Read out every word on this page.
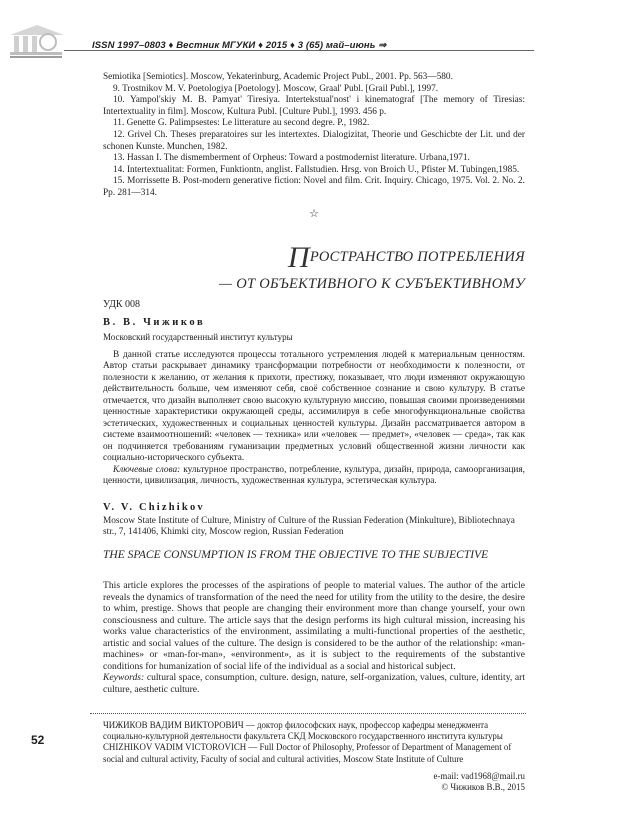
ISSN 1997–0803 ♦ Вестник МГУКИ ♦ 2015 ♦ 3 (65) май–июнь ⇒

Semiotika [Semiotics]. Moscow, Yekaterinburg, Academic Project Publ., 2001. Pp. 563—580.

9. Trostnikov M. V. Poetologiya [Poetology]. Moscow, Graal' Publ. [Grail Publ.], 1997.

10. Yampol'skiy M. B. Pamyat' Tiresiya. Intertekstual'nost' i kinematograf [The memory of Tiresias: Intertextuality in film]. Moscow, Kultura Publ. [Culture Publ.], 1993. 456 p.

11. Genette G. Palimpsestes: Le litterature au second degre. P., 1982.

12. Grivel Ch. Theses preparatoires sur les intertextes. Dialogizitat, Theorie und Geschicbte der Lit. und der schonen Kunste. Munchen, 1982.

13. Hassan I. The dismemberment of Orpheus: Toward a postmodernist literature. Urbana,1971.

14. Intertextualitat: Formen, Funktiontn, anglist. Fallstudien. Hrsg. von Broich U., Pfister M. Tubingen,1985.

15. Morrissette B. Post-modern generative fiction: Novel and film. Crit. Inquiry. Chicago, 1975. Vol. 2. No. 2. Pp. 281—314.

☆
ПРОСТРАНСТВО ПОТРЕБЛЕНИЯ
— ОТ ОБЪЕКТИВНОГО К СУБЪЕКТИВНОМУ
УДК 008
В. В. Чижиков
Московский государственный институт культуры
В данной статье исследуются процессы тотального устремления людей к материальным ценностям. Автор статьи раскрывает динамику трансформации потребности от необходимости к полезности, от полезности к желанию, от желания к прихоти, престижу, показывает, что люди изменяют окружающую действительность больше, чем изменяют себя, своё собственное сознание и свою культуру. В статье отмечается, что дизайн выполняет свою высокую культурную миссию, повышая своими произведениями ценностные характеристики окружающей среды, ассимилируя в себе многофункциональные свойства эстетических, художественных и социальных ценностей культуры. Дизайн рассматривается автором в системе взаимоотношений: «человек — техника» или «человек — предмет», «человек — среда», так как он подчиняется требованиям гуманизации предметных условий общественной жизни личности как социально-исторического субъекта.
Ключевые слова: культурное пространство, потребление, культура, дизайн, природа, самоорганизация, ценности, цивилизация, личность, художественная культура, эстетическая культура.
V. V. Chizhikov
Moscow State Institute of Culture, Ministry of Culture of the Russian Federation (Minkulture), Bibliotechnaya str., 7, 141406, Khimki city, Moscow region, Russian Federation
THE SPACE CONSUMPTION IS FROM THE OBJECTIVE TO THE SUBJECTIVE
This article explores the processes of the aspirations of people to material values. The author of the article reveals the dynamics of transformation of the need the need for utility from the utility to the desire, the desire to whim, prestige. Shows that people are changing their environment more than change yourself, your own consciousness and culture. The article says that the design performs its high cultural mission, increasing his works value characteristics of the environment, assimilating a multi-functional properties of the aesthetic, artistic and social values of the culture. The design is considered to be the author of the relationship: «man-machines» or «man-for-man», «environment», as it is subject to the requirements of the substantive conditions for humanization of social life of the individual as a social and historical subject.
Keywords: cultural space, consumption, culture. design, nature, self-organization, values, culture, identity, art culture, aesthetic culture.
52
ЧИЖИКОВ ВАДИМ ВИКТОРОВИЧ — доктор философских наук, профессор кафедры менеджмента социально-культурной деятельности факультета СКД Московского государственного института культуры
CHIZHIKOV VADIM VICTOROVICH — Full Doctor of Philosophy, Professor of Department of Management of social and cultural activity, Faculty of social and cultural activities, Moscow State Institute of Culture
e-mail: vad1968@mail.ru
© Чижиков В.В., 2015
